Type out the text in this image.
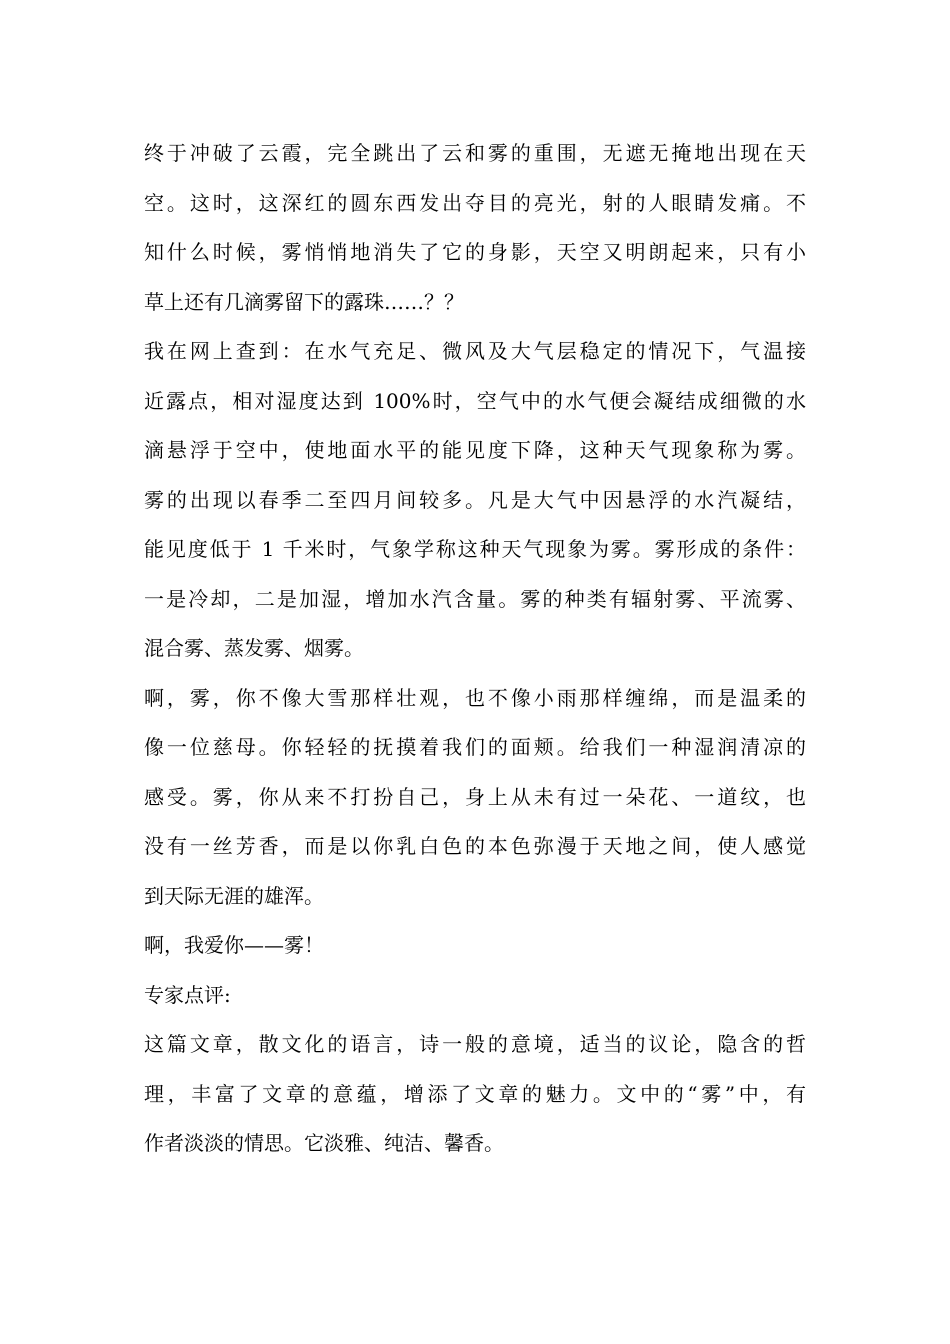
终于冲破了云霞，完全跳出了云和雾的重围，无遮无掩地出现在天
空。这时，这深红的圆东西发出夺目的亮光，射的人眼睛发痛。不
知什么时候，雾悄悄地消失了它的身影，天空又明朗起来，只有小
草上还有几滴雾留下的露珠……？？
我在网上查到：在水气充足、微风及大气层稳定的情况下，气温接
近露点，相对湿度达到 100%时，空气中的水气便会凝结成细微的水
滴悬浮于空中，使地面水平的能见度下降，这种天气现象称为雾。
雾的出现以春季二至四月间较多。凡是大气中因悬浮的水汽凝结，
能见度低于 1 千米时，气象学称这种天气现象为雾。雾形成的条件：
一是冷却，二是加湿，增加水汽含量。雾的种类有辐射雾、平流雾、
混合雾、蒸发雾、烟雾。
啊，雾，你不像大雪那样壮观，也不像小雨那样缠绵，而是温柔的
像一位慈母。你轻轻的抚摸着我们的面颊。给我们一种湿润清凉的
感受。雾，你从来不打扮自己，身上从未有过一朵花、一道纹，也
没有一丝芳香，而是以你乳白色的本色弥漫于天地之间，使人感觉
到天际无涯的雄浑。
啊，我爱你——雾！
专家点评:
这篇文章，散文化的语言，诗一般的意境，适当的议论，隐含的哲
理，丰富了文章的意蕴，增添了文章的魅力。文中的“雾”中，有
作者淡淡的情思。它淡雅、纯洁、馨香。
